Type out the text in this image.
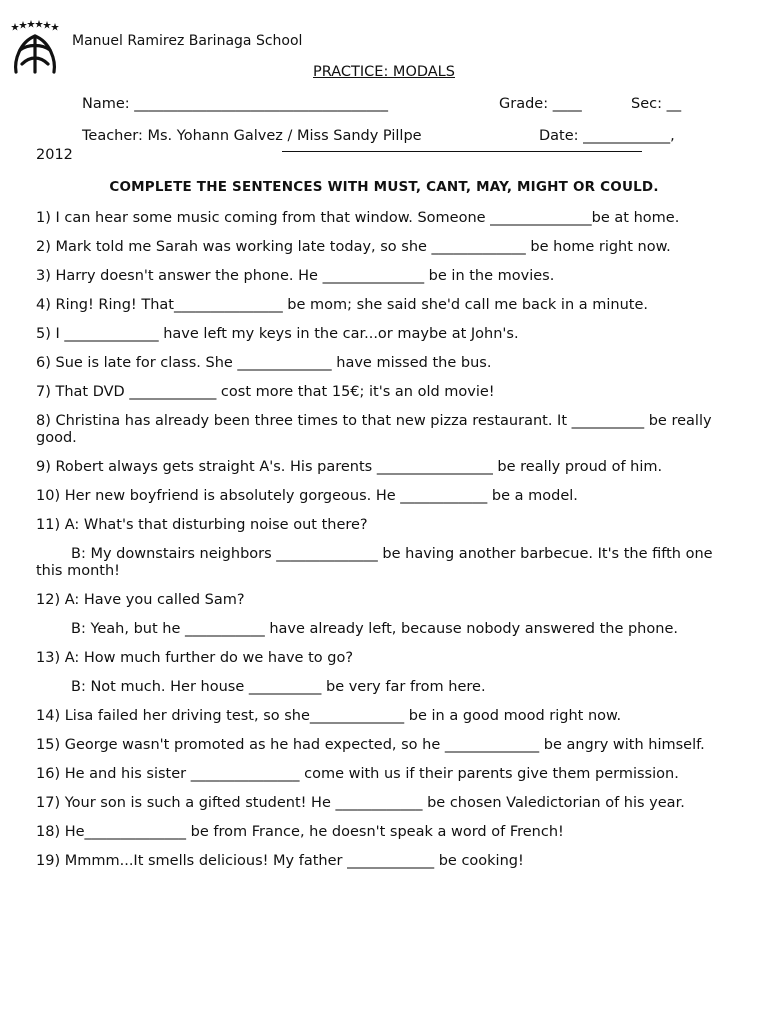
Manuel Ramirez Barinaga School
PRACTICE: MODALS
Name: ___________________________________	Grade: ____	Sec: __
Teacher: Ms. Yohann Galvez / Miss Sandy Pillpe	Date: ____________,
2012
COMPLETE THE SENTENCES WITH MUST, CANT, MAY, MIGHT OR COULD.

1) I can hear some music coming from that window. Someone ______________be at home.

2) Mark told me Sarah was working late today, so she _____________ be home right now.

3) Harry doesn't answer the phone. He ______________ be in the movies.

4) Ring! Ring! That_______________ be mom; she said she'd call me back in a minute.

5) I _____________ have left my keys in the car...or maybe at John's.

6) Sue is late for class. She _____________ have missed the bus.

7) That DVD ____________ cost more that 15€; it's an old movie!

8) Christina has already been three times to that new pizza restaurant. It __________ be really good.

9) Robert always gets straight A's. His parents ________________ be really proud of him.

10) Her new boyfriend is absolutely gorgeous. He ____________ be a model.

11) A: What's that disturbing noise out there?

B: My downstairs neighbors ______________ be having another barbecue. It's the fifth one this month!

12) A: Have you called Sam?

B: Yeah, but he ___________ have already left, because nobody answered the phone.

13) A: How much further do we have to go?

B: Not much. Her house __________ be very far from here.

14) Lisa failed her driving test, so she_____________ be in a good mood right now.

15) George wasn't promoted as he had expected, so he _____________ be angry with himself.

16) He and his sister _______________ come with us if their parents give them permission.

17) Your son is such a gifted student! He ____________ be chosen Valedictorian of his year.

18) He______________ be from France, he doesn't speak a word of French!

19) Mmmm...It smells delicious! My father ____________ be cooking!
